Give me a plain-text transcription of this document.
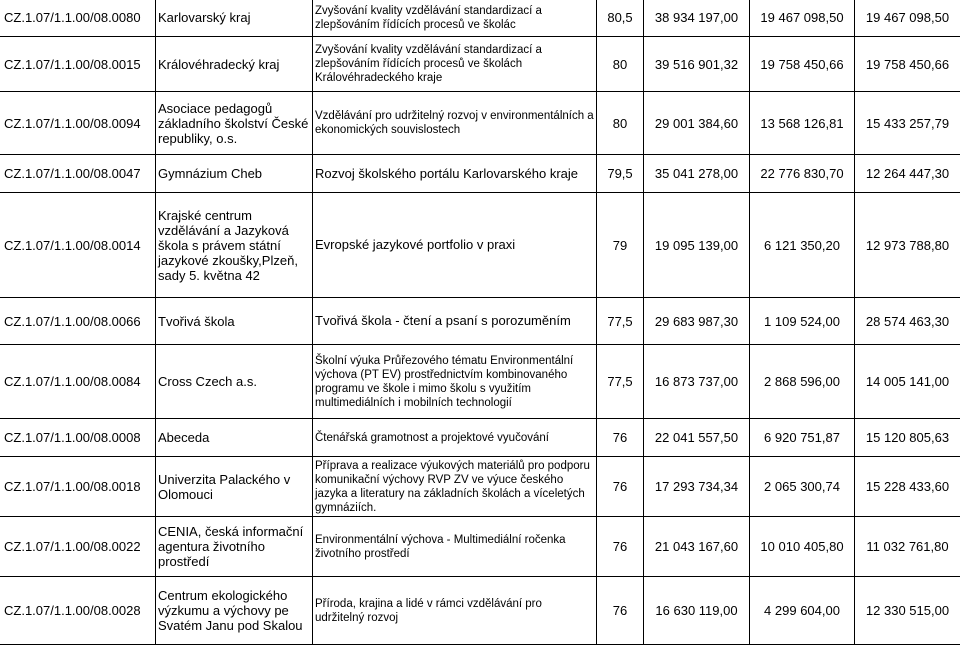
CZ.1.07/1.1.00/08.0080	Karlovarský kraj	Zvyšování kvality vzdělávání standardizací a zlepšováním řídících procesů ve školác	80,5	38 934 197,00	19 467 098,50	19 467 098,50
CZ.1.07/1.1.00/08.0015	Královéhradecký kraj	Zvyšování kvality vzdělávání standardizací a zlepšováním řídících procesů ve školách Královéhradeckého kraje	80	39 516 901,32	19 758 450,66	19 758 450,66
CZ.1.07/1.1.00/08.0094	Asociace pedagogů základního školství České republiky, o.s.	Vzdělávání pro udržitelný rozvoj v environmentálních a ekonomických souvislostech	80	29 001 384,60	13 568 126,81	15 433 257,79
CZ.1.07/1.1.00/08.0047	Gymnázium Cheb	Rozvoj školského portálu Karlovarského kraje	79,5	35 041 278,00	22 776 830,70	12 264 447,30
CZ.1.07/1.1.00/08.0014	Krajské centrum vzdělávání a Jazyková škola s právem státní jazykové zkoušky,Plzeň, sady 5. května 42	Evropské jazykové portfolio v praxi	79	19 095 139,00	6 121 350,20	12 973 788,80
CZ.1.07/1.1.00/08.0066	Tvořivá škola	Tvořivá škola - čtení a psaní s porozuměním	77,5	29 683 987,30	1 109 524,00	28 574 463,30
CZ.1.07/1.1.00/08.0084	Cross Czech a.s.	Školní výuka Průřezového tématu Environmentální výchova (PT EV) prostřednictvím kombinovaného programu ve škole i mimo školu s využitím multimediálních i mobilních technologií	77,5	16 873 737,00	2 868 596,00	14 005 141,00
CZ.1.07/1.1.00/08.0008	Abeceda	Čtenářská gramotnost a projektové vyučování	76	22 041 557,50	6 920 751,87	15 120 805,63
CZ.1.07/1.1.00/08.0018	Univerzita Palackého v Olomouci	Příprava a realizace výukových materiálů pro podporu komunikační výchovy RVP ZV ve výuce českého jazyka a literatury na základních školách a víceletých gymnáziích.	76	17 293 734,34	2 065 300,74	15 228 433,60
CZ.1.07/1.1.00/08.0022	CENIA, česká informační agentura životního prostředí	Environmentální výchova - Multimediální ročenka životního prostředí	76	21 043 167,60	10 010 405,80	11 032 761,80
CZ.1.07/1.1.00/08.0028	Centrum ekologického výzkumu a výchovy pe Svatém Janu pod Skalou	Příroda, krajina a lidé v rámci vzdělávání pro udržitelný rozvoj	76	16 630 119,00	4 299 604,00	12 330 515,00
